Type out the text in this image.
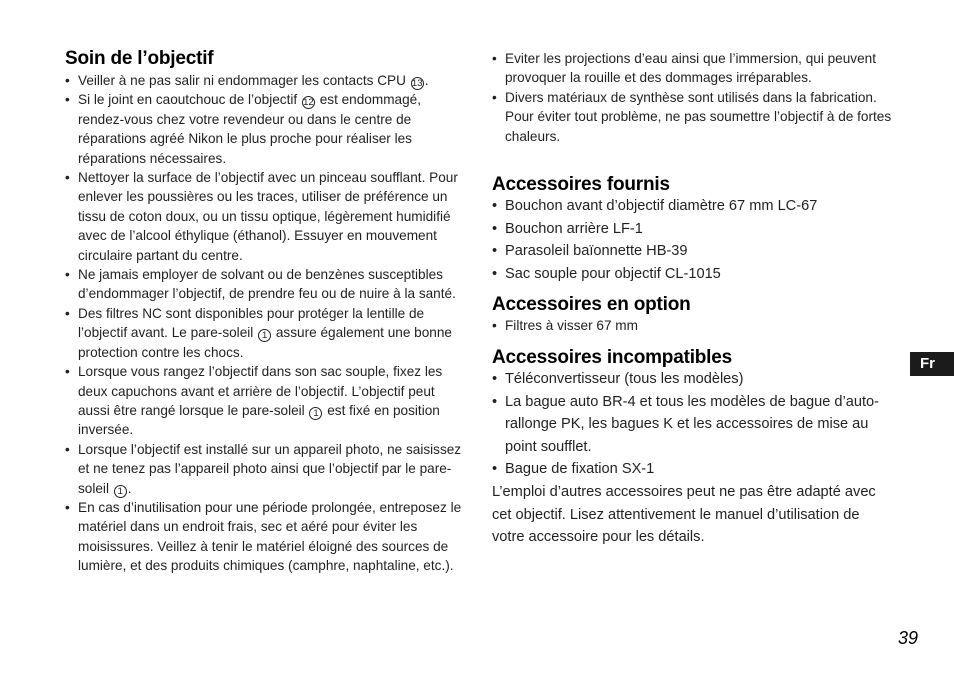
Soin de l’objectif
• Veiller à ne pas salir ni endommager les contacts CPU 13 .
• Si le joint en caoutchouc de l’objectif 12 est endommagé, rendez-vous chez votre revendeur ou dans le centre de réparations agréé Nikon le plus proche pour réaliser les réparations nécessaires.
• Nettoyer la surface de l’objectif avec un pinceau soufflant. Pour enlever les poussières ou les traces, utiliser de préférence un tissu de coton doux, ou un tissu optique, légèrement humidifié avec de l’alcool éthylique (éthanol). Essuyer en mouvement circulaire partant du centre.
• Ne jamais employer de solvant ou de benzènes susceptibles d’endommager l’objectif, de prendre feu ou de nuire à la santé.
• Des filtres NC sont disponibles pour protéger la lentille de l’objectif avant. Le pare-soleil 1 assure également une bonne protection contre les chocs.
• Lorsque vous rangez l’objectif dans son sac souple, fixez les deux capuchons avant et arrière de l’objectif. L’objectif peut aussi être rangé lorsque le pare-soleil 1 est fixé en position inversée.
• Lorsque l’objectif est installé sur un appareil photo, ne saisissez et ne tenez pas l’appareil photo ainsi que l’objectif par le pare-soleil 1 .
• En cas d’inutilisation pour une période prolongée, entreposez le matériel dans un endroit frais, sec et aéré pour éviter les moisissures. Veillez à tenir le matériel éloigné des sources de lumière, et des produits chimiques (camphre, naphtaline, etc.).
• Eviter les projections d’eau ainsi que l’immersion, qui peuvent provoquer la rouille et des dommages irréparables.
• Divers matériaux de synthèse sont utilisés dans la fabrication. Pour éviter tout problème, ne pas soumettre l’objectif à de fortes chaleurs.
Accessoires fournis
• Bouchon avant d’objectif diamètre 67 mm LC-67
• Bouchon arrière LF-1
• Parasoleil baïonnette HB-39
• Sac souple pour objectif CL-1015
Accessoires en option
• Filtres à visser 67 mm
Accessoires incompatibles
• Téléconvertisseur (tous les modèles)
• La bague auto BR-4 et tous les modèles de bague d’auto-rallonge PK, les bagues K et les accessoires de mise au point soufflet.
• Bague de fixation SX-1

L’emploi d’autres accessoires peut ne pas être adapté avec cet objectif. Lisez attentivement le manuel d’utilisation de votre accessoire pour les détails.

Fr
39
